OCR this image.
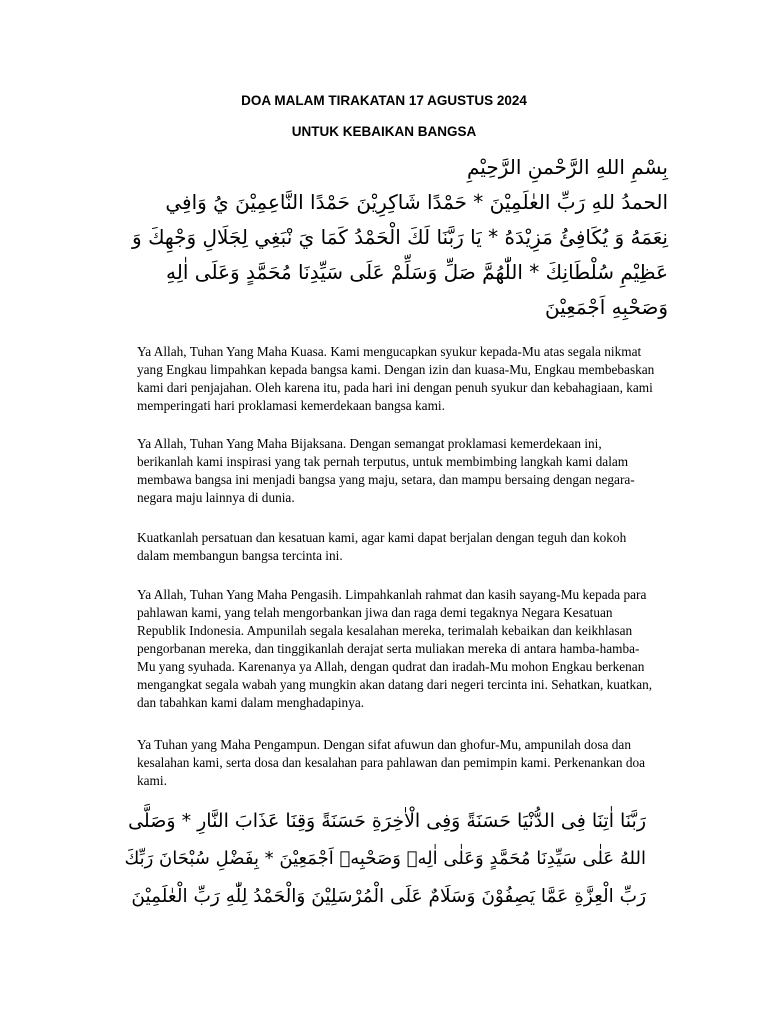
DOA MALAM TIRAKATAN 17 AGUSTUS 2024
UNTUK KEBAIKAN BANGSA
بِسْمِ اللهِ الرَّحْمنِ الرَّحِيْمِ
الحمدُ للهِ رَبِّ العٰلَمِيْنَ * حَمْدًا شَاكِرِيْنَ حَمْدًا النَّاعِمِيْنَ يُ وَافِي
نِعَمَهُ وَ يُكَافِئُ مَزِيْدَهُ * يَا رَبَّنَا لَكَ الْحَمْدُ كَمَا يَ نْبَغِي لِجَلَالِ وَجْهِكَ وَ
عَظِيْمِ سُلْطَانِكَ * اللّٰهُمَّ صَلِّ وَسَلِّمْ عَلَى سَيِّدِنَا مُحَمَّدٍ وَعَلَى اٰلِهِ
وَصَحْبِهِ اَجْمَعِيْنَ

Ya Allah, Tuhan Yang Maha Kuasa. Kami mengucapkan syukur kepada-Mu atas segala nikmat yang Engkau limpahkan kepada bangsa kami. Dengan izin dan kuasa-Mu, Engkau membebaskan kami dari penjajahan. Oleh karena itu, pada hari ini dengan penuh syukur dan kebahagiaan, kami memperingati hari proklamasi kemerdekaan bangsa kami.

Ya Allah, Tuhan Yang Maha Bijaksana. Dengan semangat proklamasi kemerdekaan ini, berikanlah kami inspirasi yang tak pernah terputus, untuk membimbing langkah kami dalam membawa bangsa ini menjadi bangsa yang maju, setara, dan mampu bersaing dengan negara-negara maju lainnya di dunia.

Kuatkanlah persatuan dan kesatuan kami, agar kami dapat berjalan dengan teguh dan kokoh dalam membangun bangsa tercinta ini.

Ya Allah, Tuhan Yang Maha Pengasih. Limpahkanlah rahmat dan kasih sayang-Mu kepada para pahlawan kami, yang telah mengorbankan jiwa dan raga demi tegaknya Negara Kesatuan Republik Indonesia. Ampunilah segala kesalahan mereka, terimalah kebaikan dan keikhlasan pengorbanan mereka, dan tinggikanlah derajat serta muliakan mereka di antara hamba-hamba-Mu yang syuhada. Karenanya ya Allah, dengan qudrat dan iradah-Mu mohon Engkau berkenan mengangkat segala wabah yang mungkin akan datang dari negeri tercinta ini. Sehatkan, kuatkan, dan tabahkan kami dalam menghadapinya.

Ya Tuhan yang Maha Pengampun. Dengan sifat afuwun dan ghofur-Mu, ampunilah dosa dan kesalahan kami, serta dosa dan kesalahan para pahlawan dan pemimpin kami. Perkenankan doa kami.

رَبَّنَا اٰتِنَا فِى الدُّنْيَا حَسَنَةً وَفِى الْاٰخِرَةِ حَسَنَةً وَقِنَا عَذَابَ النَّارِ * وَصَلَّى
اللهُ عَلٰى سَيِّدِنَا مُحَمَّدٍ وَعَلٰى اٰلِهٖ وَصَحْبِهٖ اَجْمَعِيْنَ * بِفَضْلِ سُبْحَانَ رَبِّكَ
رَبِّ الْعِزَّةِ عَمَّا يَصِفُوْنَ وَسَلَامٌ عَلَى الْمُرْسَلِيْنَ وَالْحَمْدُ لِلّٰهِ رَبِّ الْعٰلَمِيْنَ
